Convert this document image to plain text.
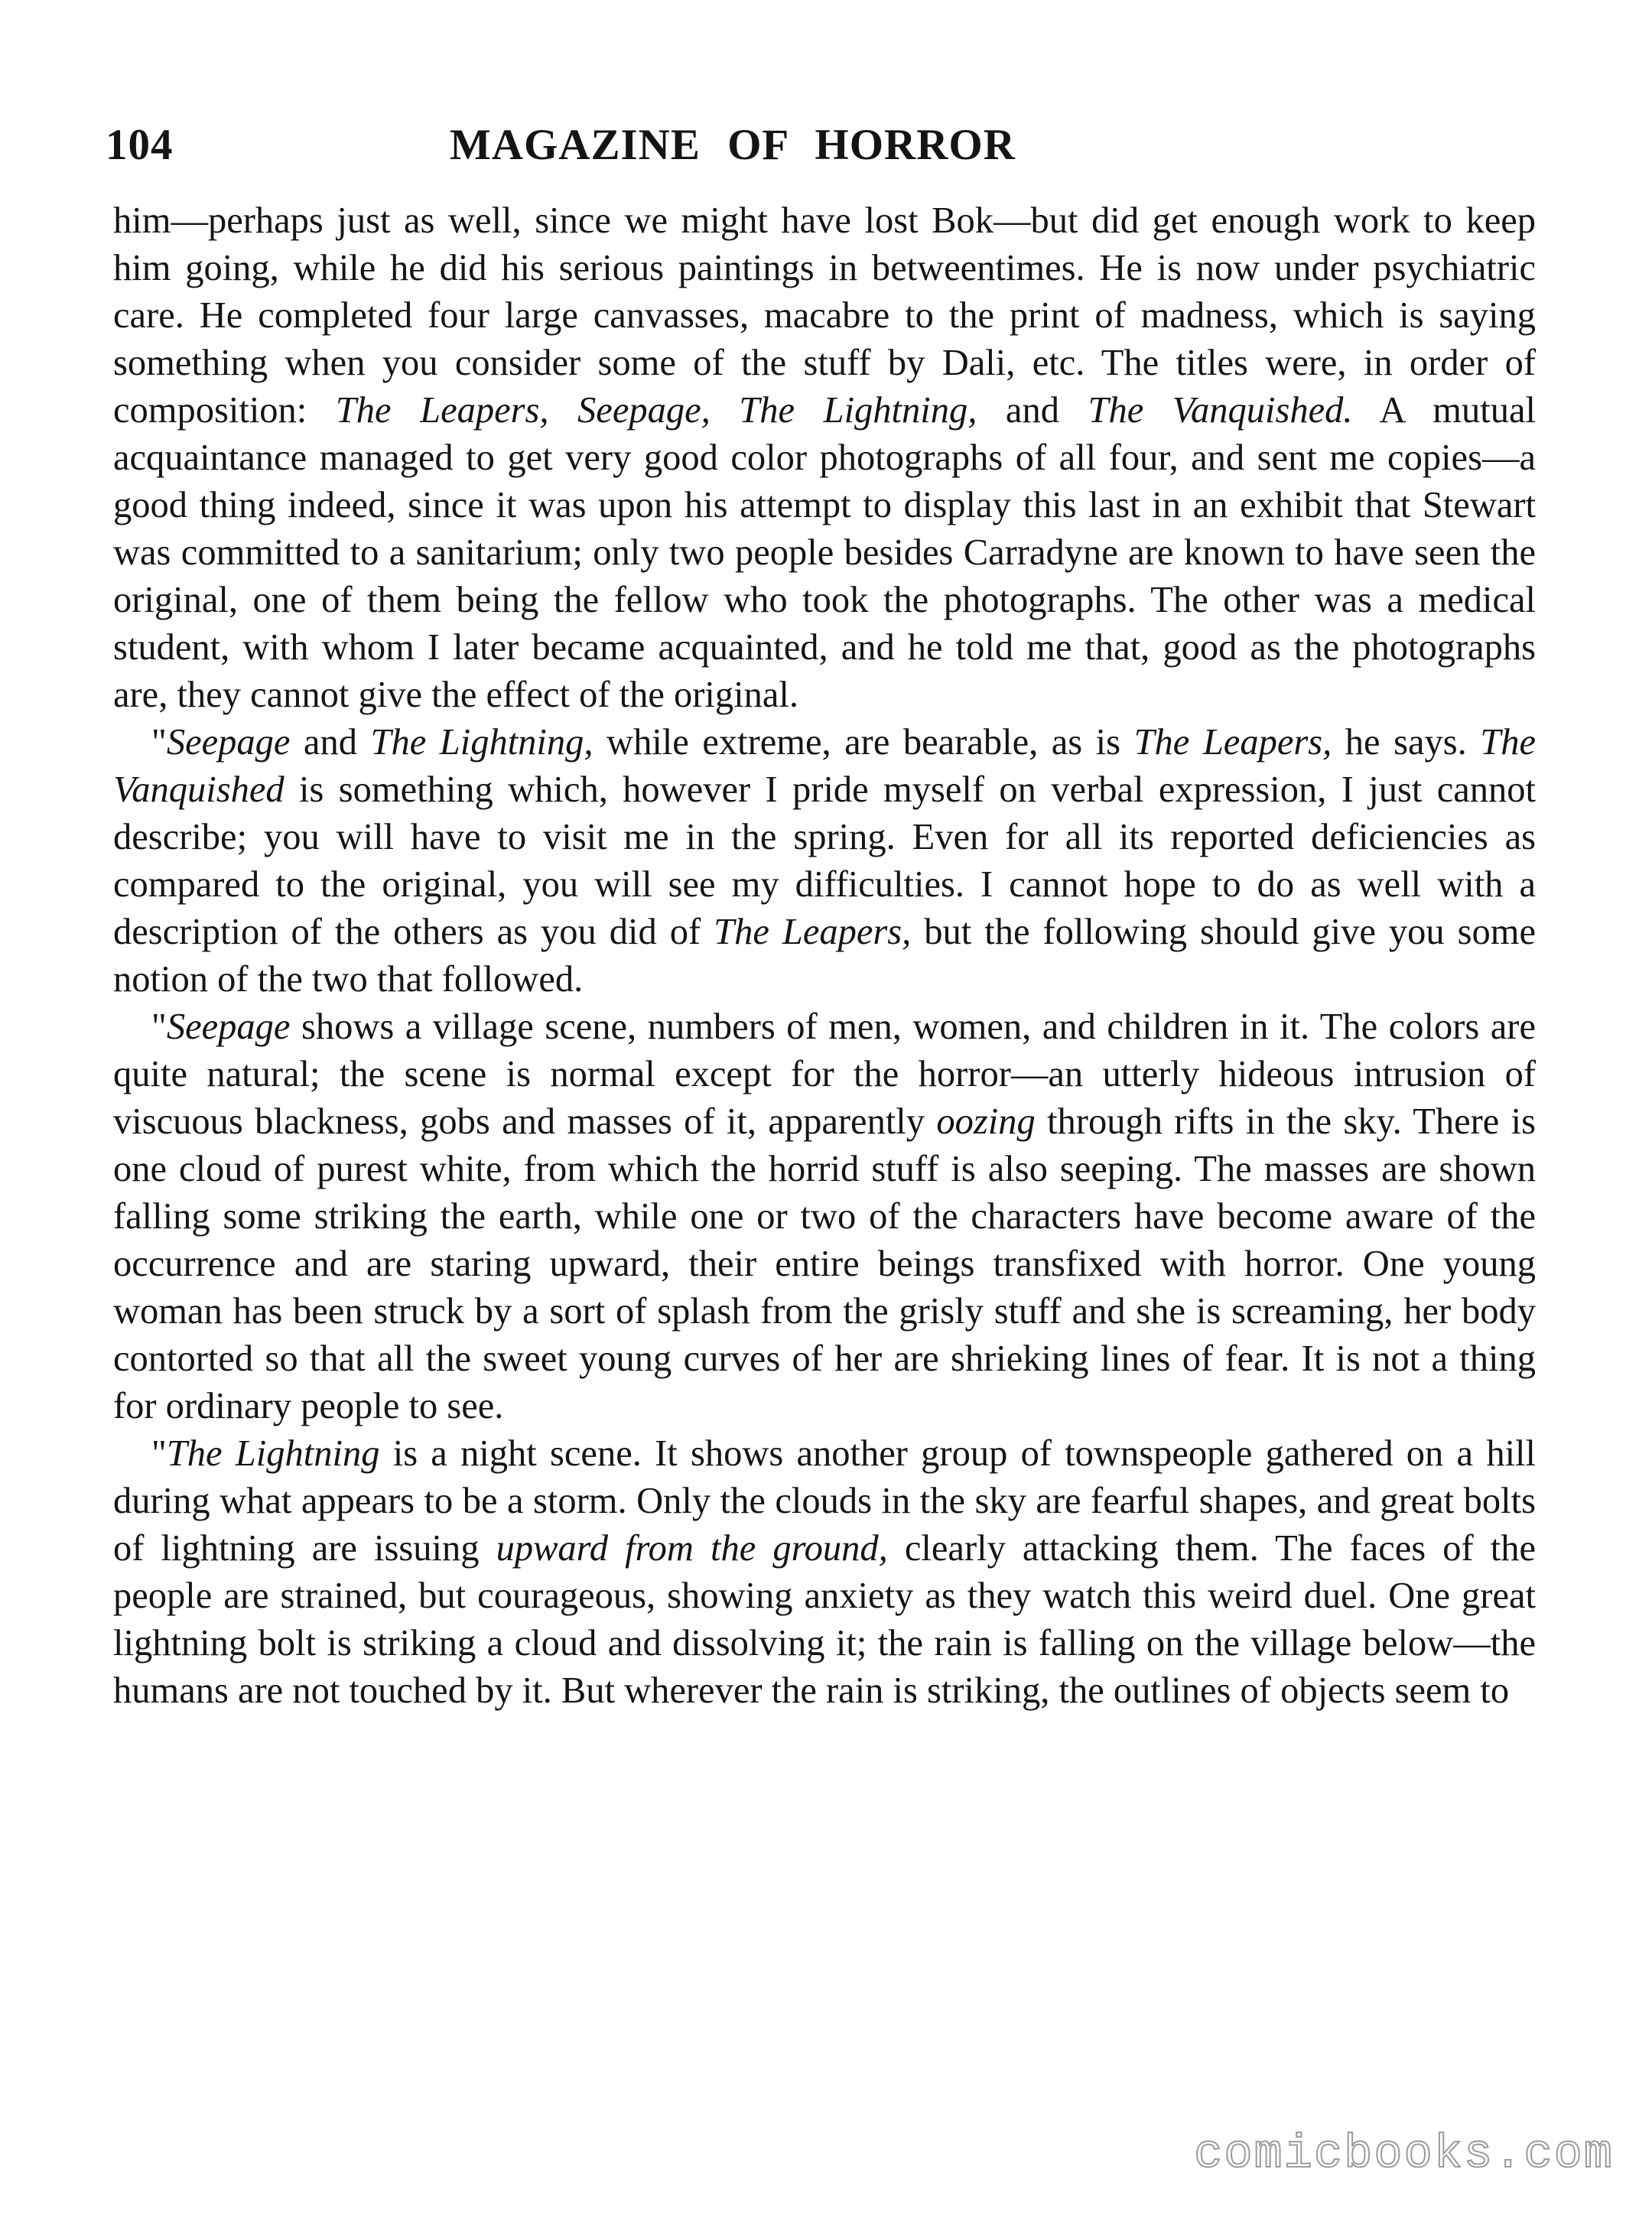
104	MAGAZINE OF HORROR

him—perhaps just as well, since we might have lost Bok—but did get enough work to keep him going, while he did his serious paintings in betweentimes. He is now under psychiatric care. He completed four large canvasses, macabre to the print of madness, which is saying something when you consider some of the stuff by Dali, etc. The titles were, in order of composition: The Leapers, Seepage, The Lightning, and The Vanquished. A mutual acquaintance managed to get very good color photographs of all four, and sent me copies—a good thing indeed, since it was upon his attempt to display this last in an exhibit that Stewart was committed to a sanitarium; only two people besides Carradyne are known to have seen the original, one of them being the fellow who took the photographs. The other was a medical student, with whom I later became acquainted, and he told me that, good as the photographs are, they cannot give the effect of the original.

"Seepage and The Lightning, while extreme, are bearable, as is The Leapers, he says. The Vanquished is something which, however I pride myself on verbal expression, I just cannot describe; you will have to visit me in the spring. Even for all its reported deficiencies as compared to the original, you will see my difficulties. I cannot hope to do as well with a description of the others as you did of The Leapers, but the following should give you some notion of the two that followed.

"Seepage shows a village scene, numbers of men, women, and children in it. The colors are quite natural; the scene is normal except for the horror—an utterly hideous intrusion of viscuous blackness, gobs and masses of it, apparently oozing through rifts in the sky. There is one cloud of purest white, from which the horrid stuff is also seeping. The masses are shown falling some striking the earth, while one or two of the characters have become aware of the occurrence and are staring upward, their entire beings transfixed with horror. One young woman has been struck by a sort of splash from the grisly stuff and she is screaming, her body contorted so that all the sweet young curves of her are shrieking lines of fear. It is not a thing for ordinary people to see.

"The Lightning is a night scene. It shows another group of townspeople gathered on a hill during what appears to be a storm. Only the clouds in the sky are fearful shapes, and great bolts of lightning are issuing upward from the ground, clearly attacking them. The faces of the people are strained, but courageous, showing anxiety as they watch this weird duel. One great lightning bolt is striking a cloud and dissolving it; the rain is falling on the village below—the humans are not touched by it. But wherever the rain is striking, the outlines of objects seem to

comicbooks.com
